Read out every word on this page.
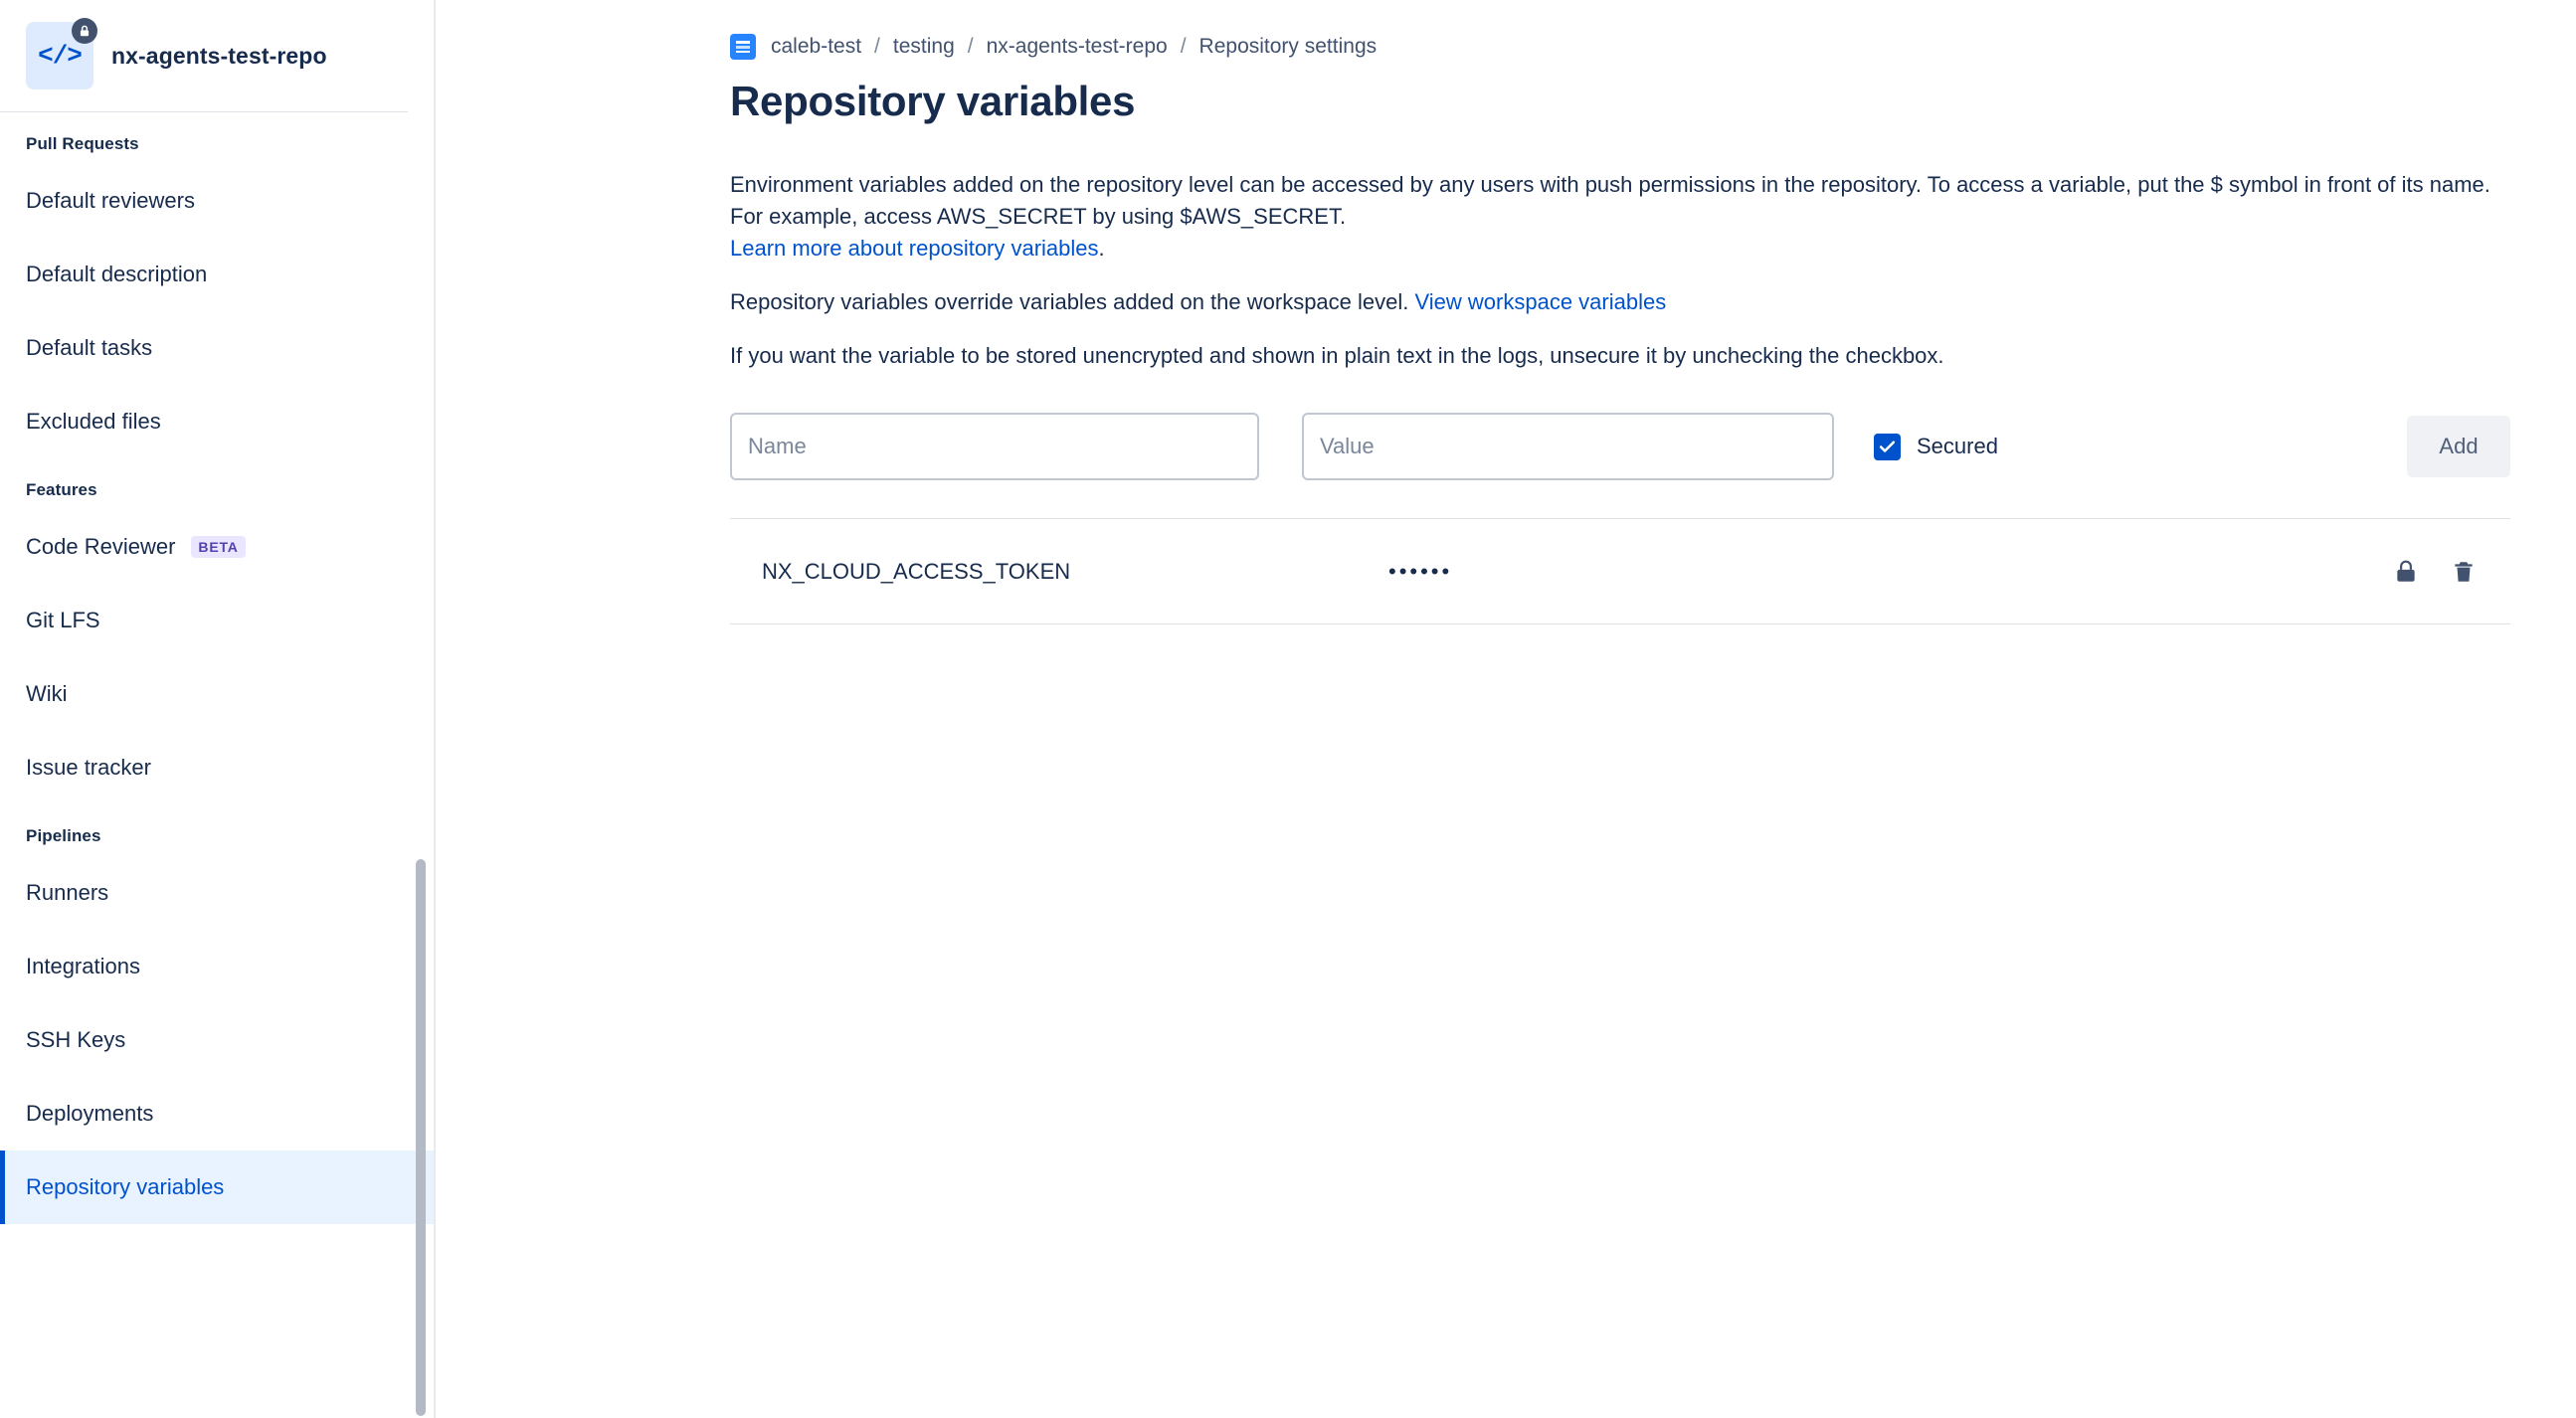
</> nx-agents-test-repo
Pull Requests
Default reviewers
Default description
Default tasks
Excluded files
Features
Code Reviewer	BETA
Git LFS
Wiki
Issue tracker
Pipelines
Runners
Integrations
SSH Keys
Deployments
Repository variables
caleb-test / testing / nx-agents-test-repo / Repository settings
Repository variables

Environment variables added on the repository level can be accessed by any users with push permissions in the repository. To access a variable, put the $ symbol in front of its name. For example, access AWS_SECRET by using $AWS_SECRET.

Learn more about repository variables.

Repository variables override variables added on the workspace level. View workspace variables

If you want the variable to be stored unencrypted and shown in plain text in the logs, unsecure it by unchecking the checkbox.

Name
Value
Secured	Add
NX_CLOUD_ACCESS_TOKEN	••••••
